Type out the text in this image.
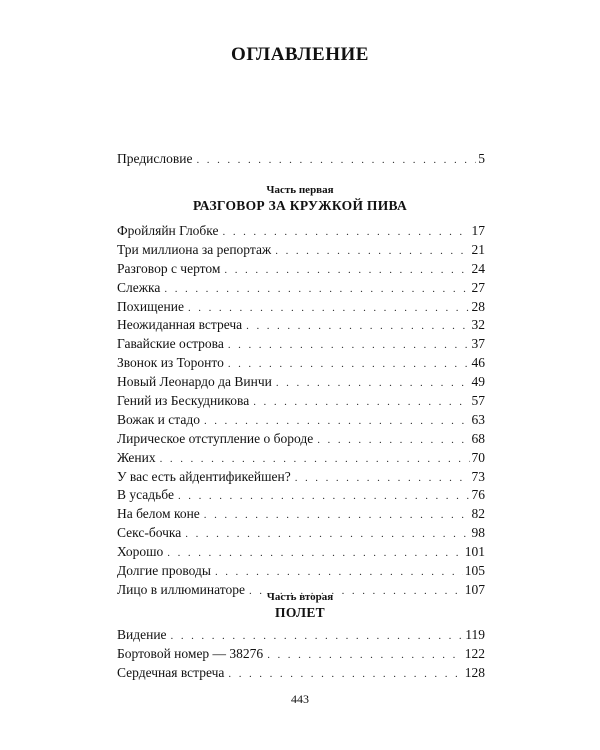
ОГЛАВЛЕНИЕ
Предисловие . . .	5
Часть первая
РАЗГОВОР ЗА КРУЖКОЙ ПИВА
Фройляйн Глобке . . .	17
Три миллиона за репортаж . . .	21
Разговор с чертом . . .	24
Слежка . . .	27
Похищение . . .	28
Неожиданная встреча . . .	32
Гавайские острова . . .	37
Звонок из Торонто . . .	46
Новый Леонардо да Винчи . . .	49
Гений из Бескудникова . . .	57
Вожак и стадо . . .	63
Лирическое отступление о бороде . . .	68
Жених . . .	70
У вас есть айдентификейшен? . . .	73
В усадьбе . . .	76
На белом коне . . .	82
Секс-бочка . . .	98
Хорошо . . .	101
Долгие проводы . . .	105
Лицо в иллюминаторе . . .	107
Часть вторая
ПОЛЕТ
Видение . . .	119
Бортовой номер — 38276 . . .	122
Сердечная встреча . . .	128
443
